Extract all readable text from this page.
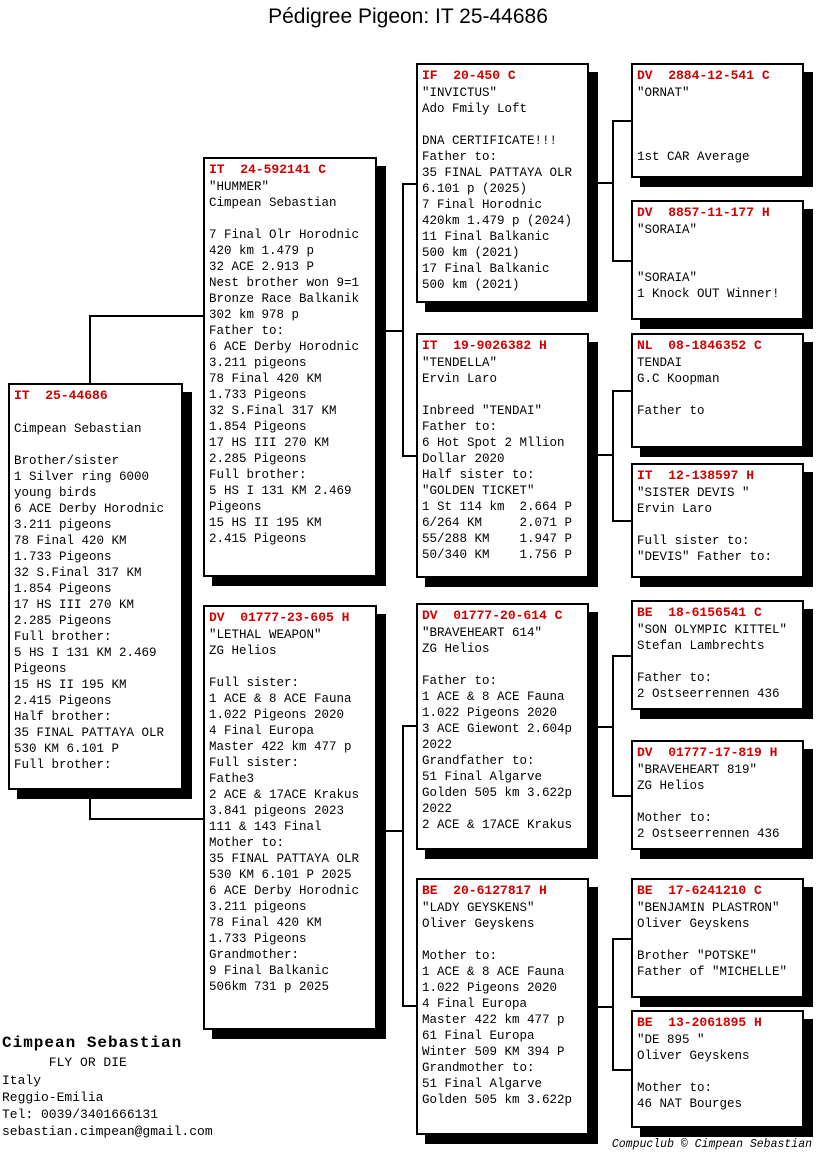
Pédigree Pigeon: IT 25-44686
IT  25-44686

Cimpean Sebastian

Brother/sister
1 Silver ring 6000
young birds
6 ACE Derby Horodnic
3.211 pigeons
78 Final 420 KM
1.733 Pigeons
32 S.Final 317 KM
1.854 Pigeons
17 HS III 270 KM
2.285 Pigeons
Full brother:
5 HS I 131 KM 2.469
Pigeons
15 HS II 195 KM
2.415 Pigeons
Half brother:
35 FINAL PATTAYA OLR
530 KM 6.101 P
Full brother:
IT  24-592141 C
"HUMMER"
Cimpean Sebastian

7 Final Olr Horodnic
420 km 1.479 p
32 ACE 2.913 P
Nest brother won 9=1
Bronze Race Balkanik
302 km 978 p
Father to:
6 ACE Derby Horodnic
3.211 pigeons
78 Final 420 KM
1.733 Pigeons
32 S.Final 317 KM
1.854 Pigeons
17 HS III 270 KM
2.285 Pigeons
Full brother:
5 HS I 131 KM 2.469
Pigeons
15 HS II 195 KM
2.415 Pigeons
DV  01777-23-605 H
"LETHAL WEAPON"
ZG Helios

Full sister:
1 ACE & 8 ACE Fauna
1.022 Pigeons 2020
4 Final Europa
Master 422 km 477 p
Full sister:
Fathe3
2 ACE & 17ACE Krakus
3.841 pigeons 2023
111 & 143 Final
Mother to:
35 FINAL PATTAYA OLR
530 KM 6.101 P 2025
6 ACE Derby Horodnic
3.211 pigeons
78 Final 420 KM
1.733 Pigeons
Grandmother:
9 Final Balkanic
506km 731 p 2025
IF  20-450 C
"INVICTUS"
Ado Fmily Loft

DNA CERTIFICATE!!!
Father to:
35 FINAL PATTAYA OLR
6.101 p (2025)
7 Final Horodnic
420km 1.479 p (2024)
11 Final Balkanic
500 km (2021)
17 Final Balkanic
500 km (2021)
IT  19-9026382 H
"TENDELLA"
Ervin Laro

Inbreed "TENDAI"
Father to:
6 Hot Spot 2 Mllion
Dollar 2020
Half sister to:
"GOLDEN TICKET"
1 St 114 km  2.664 P
6/264 KM     2.071 P
55/288 KM    1.947 P
50/340 KM    1.756 P
DV  01777-20-614 C
"BRAVEHEART 614"
ZG Helios

Father to:
1 ACE & 8 ACE Fauna
1.022 Pigeons 2020
3 ACE Giewont 2.604p
2022
Grandfather to:
51 Final Algarve
Golden 505 km 3.622p
2022
2 ACE & 17ACE Krakus
BE  20-6127817 H
"LADY GEYSKENS"
Oliver Geyskens

Mother to:
1 ACE & 8 ACE Fauna
1.022 Pigeons 2020
4 Final Europa
Master 422 km 477 p
61 Final Europa
Winter 509 KM 394 P
Grandmother to:
51 Final Algarve
Golden 505 km 3.622p
DV  2884-12-541 C
"ORNAT"

1st CAR Average
DV  8857-11-177 H
"SORAIA"

"SORAIA"
1 Knock OUT Winner!
NL  08-1846352 C
TENDAI
G.C Koopman

Father to
IT  12-138597 H
"SISTER DEVIS "
Ervin Laro

Full sister to:
"DEVIS" Father to:
BE  18-6156541 C
"SON OLYMPIC KITTEL"
Stefan Lambrechts

Father to:
2 Ostseerrennen 436
DV  01777-17-819 H
"BRAVEHEART 819"
ZG Helios

Mother to:
2 Ostseerrennen 436
BE  17-6241210 C
"BENJAMIN PLASTRON"
Oliver Geyskens

Brother "POTSKE"
Father of "MICHELLE"
BE  13-2061895 H
"DE 895 "
Oliver Geyskens

Mother to:
46 NAT Bourges
Cimpean Sebastian
FLY OR DIE
Italy
Reggio-Emilia
Tel: 0039/3401666131
sebastian.cimpean@gmail.com
Compuclub © Cimpean Sebastian
